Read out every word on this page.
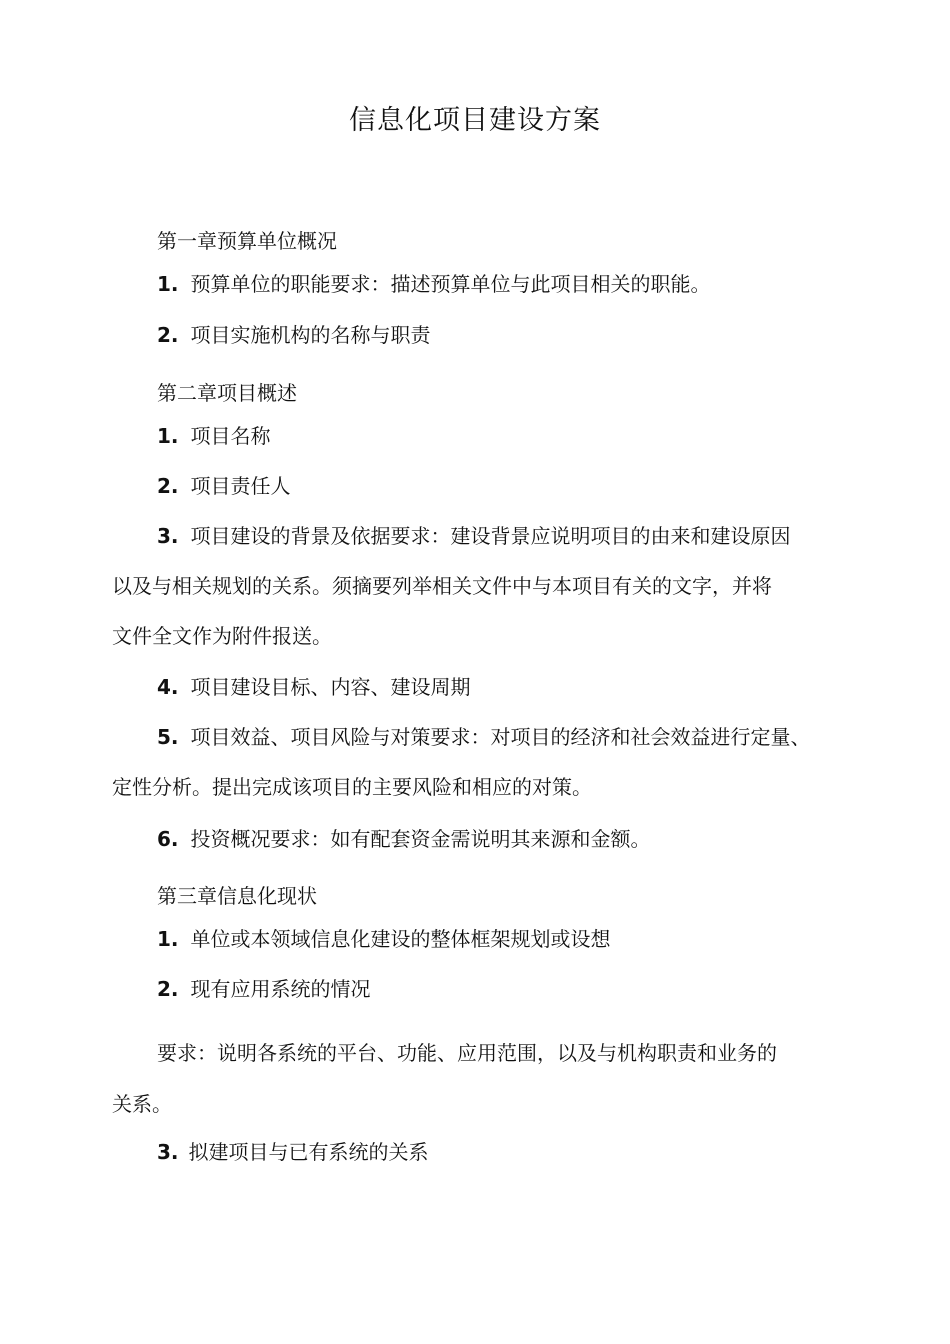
信息化项目建设方案
第一章预算单位概况
1. 预算单位的职能要求：描述预算单位与此项目相关的职能。
2. 项目实施机构的名称与职责
第二章项目概述
1. 项目名称
2. 项目责任人
3. 项目建设的背景及依据要求：建设背景应说明项目的由来和建设原因
以及与相关规划的关系。须摘要列举相关文件中与本项目有关的文字，并将
文件全文作为附件报送。
4. 项目建设目标、内容、建设周期
5. 项目效益、项目风险与对策要求：对项目的经济和社会效益进行定量、
定性分析。提出完成该项目的主要风险和相应的对策。
6. 投资概况要求：如有配套资金需说明其来源和金额。
第三章信息化现状
1. 单位或本领域信息化建设的整体框架规划或设想
2. 现有应用系统的情况
要求：说明各系统的平台、功能、应用范围，以及与机构职责和业务的
关系。
3. 拟建项目与已有系统的关系
